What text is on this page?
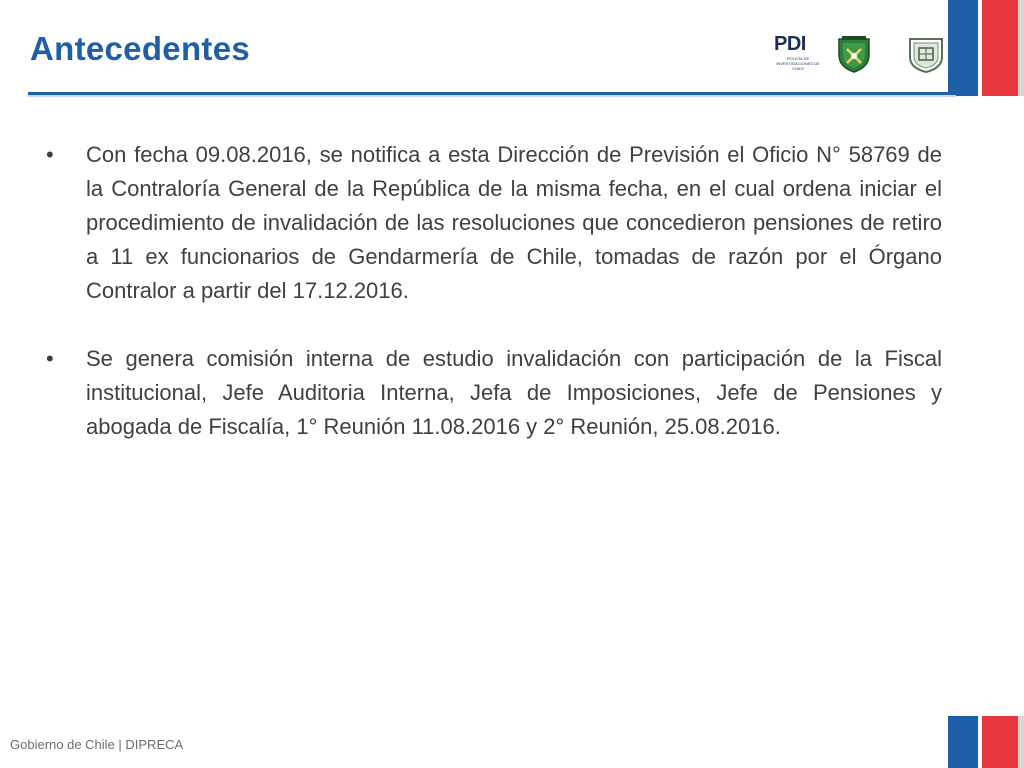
Antecedentes	PDI
POLICÍA DE INVESTIGACIONES DE CHILE
• Con fecha 09.08.2016, se notifica a esta Dirección de Previsión el Oficio N° 58769 de la Contraloría General de la República de la misma fecha, en el cual ordena iniciar el procedimiento de invalidación de las resoluciones que concedieron pensiones de retiro a 11 ex funcionarios de Gendarmería de Chile, tomadas de razón por el Órgano Contralor a partir del 17.12.2016.
• Se genera comisión interna de estudio invalidación con participación de la Fiscal institucional, Jefe Auditoria Interna, Jefa de Imposiciones, Jefe de Pensiones y abogada de Fiscalía, 1° Reunión 11.08.2016 y 2° Reunión, 25.08.2016.
Gobierno de Chile | DIPRECA
